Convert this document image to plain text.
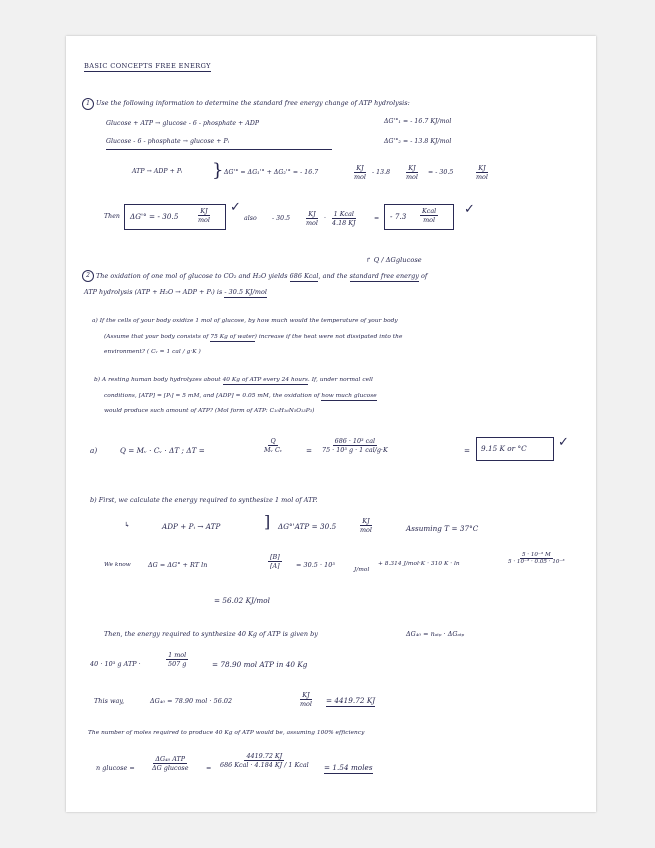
BASIC CONCEPTS FREE ENERGY
1 Use the following information to determine the standard free energy change of ATP hydrolysis:
Glucose + ATP → glucose - 6 - phosphate + ADP	ΔG'°₁ = - 16.7 KJ/mol
Glucose - 6 - phosphate → glucose + Pᵢ	ΔG'°₂ = - 13.8 KJ/mol
ATP → ADP + Pᵢ } ΔG'° = ΔG₁'° + ΔG₂'° = - 16.7
KJ
mol
- 13.8
KJ
mol
= - 30.5
KJ
mol
Then ΔG'° = - 30.5
KJ
mol
✓
also - 30.5
KJ
mol
·
1 Kcal
4.18 KJ
= - 7.3
Kcal
mol
✓
↱ Q / ΔGglucose
2 The oxidation of one mol of glucose to CO₂ and H₂O yields 686 Kcal, and the standard free energy of
ATP hydrolysis (ATP + H₂O → ADP + Pᵢ) is - 30.5 KJ/mol
a) If the cells of your body oxidize 1 mol of glucose, by how much would the temperature of your body
(Assume that your body consists of 75 Kg of water) increase if the heat were not dissipated into the
environment? ( Cᵥ = 1 cal / g·K )
b) A resting human body hydrolyzes about 40 Kg of ATP every 24 hours. If, under normal cell
conditions, [ATP] = [Pᵢ] = 5 mM, and [ADP] = 0.05 mM, the oxidation of how much glucose
would produce such amount of ATP? (Mol form of ATP: C₁₀H₁₆N₅O₁₃P₃)
a)	Q = Mᵥ · Cᵥ · ΔT ; ΔT =	$\frac{Q}{\text{Mᵥ Cᵥ}}$	=
686 · 10³ cal
75 · 10³ g · 1 cal/g·K	= 9.15 K or °C ✓
b) First, we calculate the energy required to synthesize 1 mol of ATP.
↳	ADP + Pᵢ → ATP	] ΔG°'ATP = 30.5
KJ
mol	Assuming T = 37°C
We know	ΔG = ΔG° + RT ln	$\frac{[B]}{[A]} = 30.5 \cdot 10^3$
J/mol
+ 8.314 J/mol·K · 310 K · ln	$\frac{\text{5 · 10⁻³ M}}{\text{5 · 10⁻³ · 0.05 · 10⁻³}}$
= 56.02 KJ/mol
Then, the energy required to synthesize 40 Kg of ATP is given by	ΔG₄₀ = nₐₜₚ · ΔGₐₜₚ
40 · 10³ g ATP ·
1 mol
507 g	= 78.90 mol ATP in 40 Kg
This way,	ΔG₄₀ = 78.90 mol · 56.02
KJ
mol = 4419.72 KJ
The number of moles required to produce 40 Kg of ATP would be, assuming 100% efficiency
n glucose =
ΔG₄₀ ATP
ΔG glucose	=
4419.72 KJ
686 Kcal · 4.184 KJ / 1 Kcal = 1.54 moles
